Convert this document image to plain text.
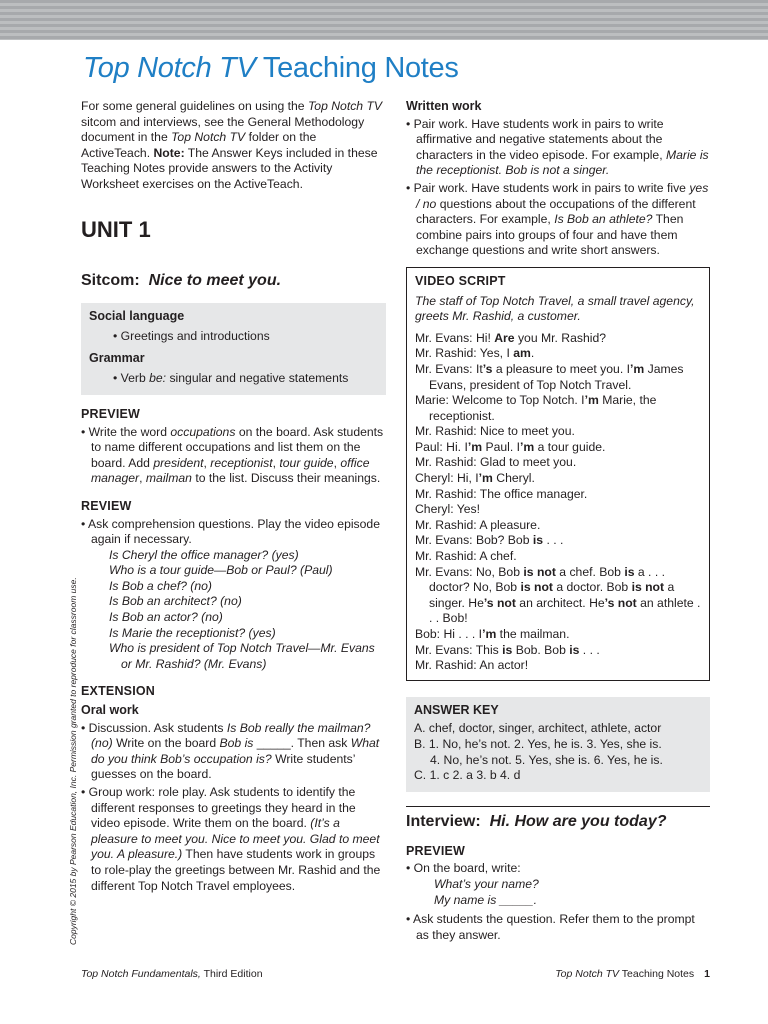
Top Notch TV Teaching Notes

For some general guidelines on using the Top Notch TV sitcom and interviews, see the General Methodology document in the Top Notch TV folder on the ActiveTeach. Note: The Answer Keys included in these Teaching Notes provide answers to the Activity Worksheet exercises on the ActiveTeach.

UNIT 1
Sitcom: Nice to meet you.
Social language
• Greetings and introductions
Grammar
• Verb be: singular and negative statements
PREVIEW

• Write the word occupations on the board. Ask students to name different occupations and list them on the board. Add president, receptionist, tour guide, office manager, mailman to the list. Discuss their meanings.

REVIEW

• Ask comprehension questions. Play the video episode again if necessary.

Is Cheryl the office manager? (yes)

Who is a tour guide—Bob or Paul? (Paul)

Is Bob a chef? (no)

Is Bob an architect? (no)

Is Bob an actor? (no)

Is Marie the receptionist? (yes)

Who is president of Top Notch Travel—Mr. Evans

or Mr. Rashid? (Mr. Evans)

EXTENSION
Oral work

• Discussion. Ask students Is Bob really the mailman? (no) Write on the board Bob is _____. Then ask What do you think Bob’s occupation is? Write students’ guesses on the board.

• Group work: role play. Ask students to identify the different responses to greetings they heard in the video episode. Write them on the board. (It’s a pleasure to meet you. Nice to meet you. Glad to meet you. A pleasure.) Then have students work in groups to role-play the greetings between Mr. Rashid and the different Top Notch Travel employees.

Written work

• Pair work. Have students work in pairs to write affirmative and negative statements about the characters in the video episode. For example, Marie is the receptionist. Bob is not a singer.

• Pair work. Have students work in pairs to write five yes / no questions about the occupations of the different characters. For example, Is Bob an athlete? Then combine pairs into groups of four and have them exchange questions and write short answers.

VIDEO SCRIPT

The staff of Top Notch Travel, a small travel agency, greets Mr. Rashid, a customer.

Mr. Evans: Hi! Are you Mr. Rashid?

Mr. Rashid: Yes, I am.

Mr. Evans: It’s a pleasure to meet you. I’m James Evans, president of Top Notch Travel.

Marie: Welcome to Top Notch. I’m Marie, the receptionist.

Mr. Rashid: Nice to meet you.

Paul: Hi. I’m Paul. I’m a tour guide.

Mr. Rashid: Glad to meet you.

Cheryl: Hi, I’m Cheryl.

Mr. Rashid: The office manager.

Cheryl: Yes!

Mr. Rashid: A pleasure.

Mr. Evans: Bob? Bob is . . .

Mr. Rashid: A chef.

Mr. Evans: No, Bob is not a chef. Bob is a . . . doctor? No, Bob is not a doctor. Bob is not a singer. He’s not an architect. He’s not an athlete . . . Bob!

Bob: Hi . . . I’m the mailman.

Mr. Evans: This is Bob. Bob is . . .

Mr. Rashid: An actor!

ANSWER KEY

A. chef, doctor, singer, architect, athlete, actor

B. 1. No, he’s not. 2. Yes, he is. 3. Yes, she is.

4. No, he’s not. 5. Yes, she is. 6. Yes, he is.

C. 1. c 2. a 3. b 4. d

Interview: Hi. How are you today?
PREVIEW

• On the board, write:

What’s your name?

My name is _____.

• Ask students the question. Refer them to the prompt as they answer.

Top Notch Fundamentals, Third Edition	Top Notch TV Teaching Notes 1
Copyright © 2015 by Pearson Education, Inc. Permission granted to reproduce for classroom use.
